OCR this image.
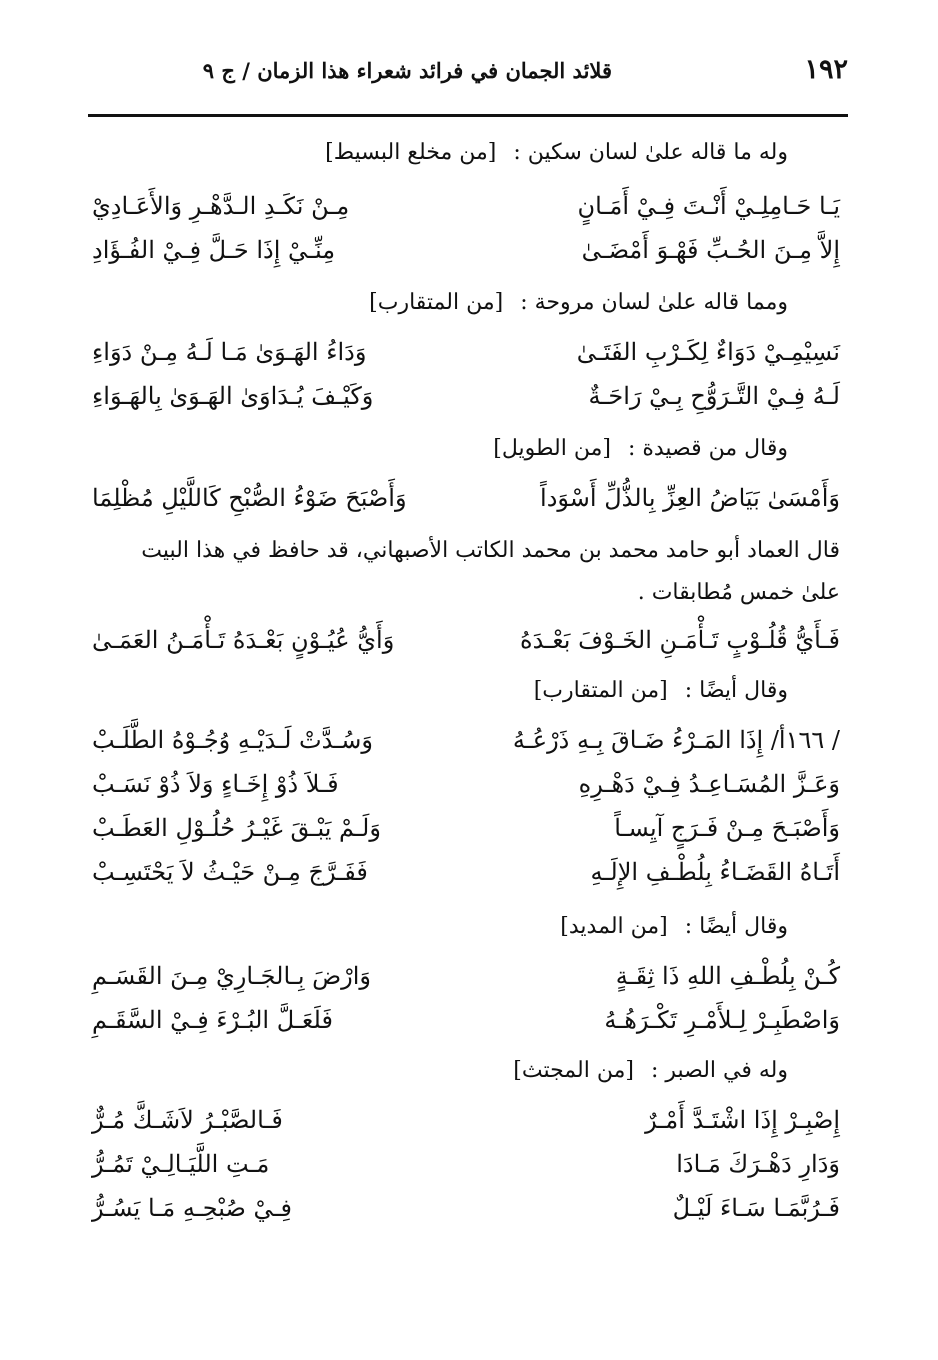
١٩٢
قلائد الجمان في فرائد شعراء هذا الزمان / ج ٩
وله ما قاله علىٰ لسان سكين : [من مخلع البسيط]
يَـا حَـامِلِـيْ أَنْـتَ فِـيْ أَمَـانٍ
مِـنْ نَكَـدِ الـدَّهْـرِ وَالأَعَـادِيْ
إِلاَّ مِـنَ الحُـبِّ فَهْـوَ أَمْضَـىٰ
مِنِّـيْ إِذَا حَـلَّ فِـيْ الفُـؤَادِ
ومما قاله علىٰ لسان مروحة : [من المتقارب]
نَسِيْمِـيْ دَوَاءٌ لِكَـرْبِ الفَتَـىٰ
وَدَاءُ الهَـوَىٰ مَـا لَـهُ مِـنْ دَوَاءِ
لَـهُ فِـيْ التَّـرَوُّحِ بِـيْ رَاحَـةٌ
وَكَيْـفَ يُـدَاوَىٰ الهَـوَىٰ بِالهَـوَاءِ
وقال من قصيدة : [من الطويل]
وَأَمْسَىٰ بَيَاضُ العِزِّ بِالذُّلِّ أَسْوَداً
وَأَصْبَحَ ضَوْءُ الصُّبْحِ كَاللَّيْلِ مُظْلِمَا
قال العماد أبو حامد محمد بن محمد الكاتب الأصبهاني، قد حافظ في هذا البيت
علىٰ خمس مُطابقات .
فَـأَيُّ قُلُـوْبٍ تَـأْمَـنِ الخَـوْفَ بَعْـدَهُ
وَأَيُّ عُيُـوْنٍ بَعْـدَهُ تَـأْمَـنُ العَمَـىٰ
وقال أيضًا : [من المتقارب]
/ ١٦٦أ/ إِذَا المَـرْءُ ضَـاقَ بِـهِ ذَرْعُـهُ
وَسُـدَّتْ لَـدَيْـهِ وُجُـوْهُ الطَّلَـبْ
وَعَـزَّ المُسَـاعِـدُ فِـيْ دَهْـرِهِ
فَـلاَ ذُوْ إِخَـاءٍ وَلاَ ذُوْ نَسَـبْ
وَأَصْبَـحَ مِـنْ فَـرَجٍ آيِسـاً
وَلَـمْ يَبْـقَ غَيْـرُ حُلُـوْلِ العَطَـبْ
أَتَـاهُ القَضَـاءُ بِلُطْـفِ الإِلَـهِ
فَفَـرَّجَ مِـنْ حَيْـثُ لاَ يَحْتَسِـبْ
وقال أيضًا : [من المديد]
كُـنْ بِلُطْـفِ اللهِ ذَا ثِقَـةٍ
وَارْضَ بِـالجَـارِيْ مِـنَ القَسَـمِ
وَاصْطَبِـرْ لِـلأَمْـرِ تَكْـرَهُـهُ
فَلَعَـلَّ البُـرْءَ فِـيْ السَّقَـمِ
وله في الصبر : [من المجتث]
إِصْبِـرْ إِذَا اشْتَـدَّ أَمْـرٌ
فَـالصَّبْـرُ لاَشَـكَّ مُـرٌّ
وَدَارِ دَهْـرَكَ مَـادَا
مَـتِ اللَّيَـالِـيْ تَمُـرُّ
فَـرُبَّمَـا سَـاءَ لَيْـلٌ
فِـيْ صُبْحِـهِ مَـا يَسُـرُّ
